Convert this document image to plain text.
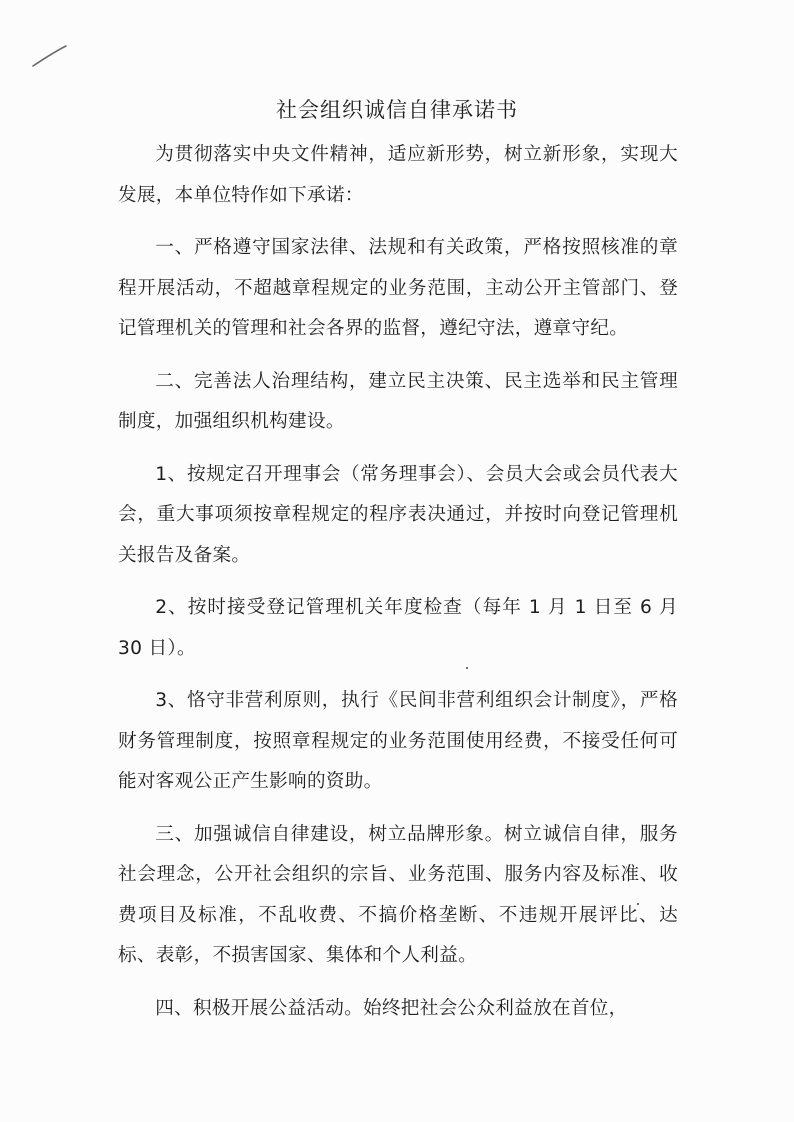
社会组织诚信自律承诺书

为贯彻落实中央文件精神，适应新形势，树立新形象，实现大发展，本单位特作如下承诺：

一、严格遵守国家法律、法规和有关政策，严格按照核准的章程开展活动，不超越章程规定的业务范围，主动公开主管部门、登记管理机关的管理和社会各界的监督，遵纪守法，遵章守纪。

二、完善法人治理结构，建立民主决策、民主选举和民主管理制度，加强组织机构建设。

1、按规定召开理事会（常务理事会）、会员大会或会员代表大会，重大事项须按章程规定的程序表决通过，并按时向登记管理机关报告及备案。

2、按时接受登记管理机关年度检查（每年 1 月 1 日至 6 月 30 日）。

3、恪守非营利原则，执行《民间非营利组织会计制度》，严格财务管理制度，按照章程规定的业务范围使用经费，不接受任何可能对客观公正产生影响的资助。

三、加强诚信自律建设，树立品牌形象。树立诚信自律，服务社会理念，公开社会组织的宗旨、业务范围、服务内容及标准、收费项目及标准，不乱收费、不搞价格垄断、不违规开展评比、达标、表彰，不损害国家、集体和个人利益。

四、积极开展公益活动。始终把社会公众利益放在首位，
